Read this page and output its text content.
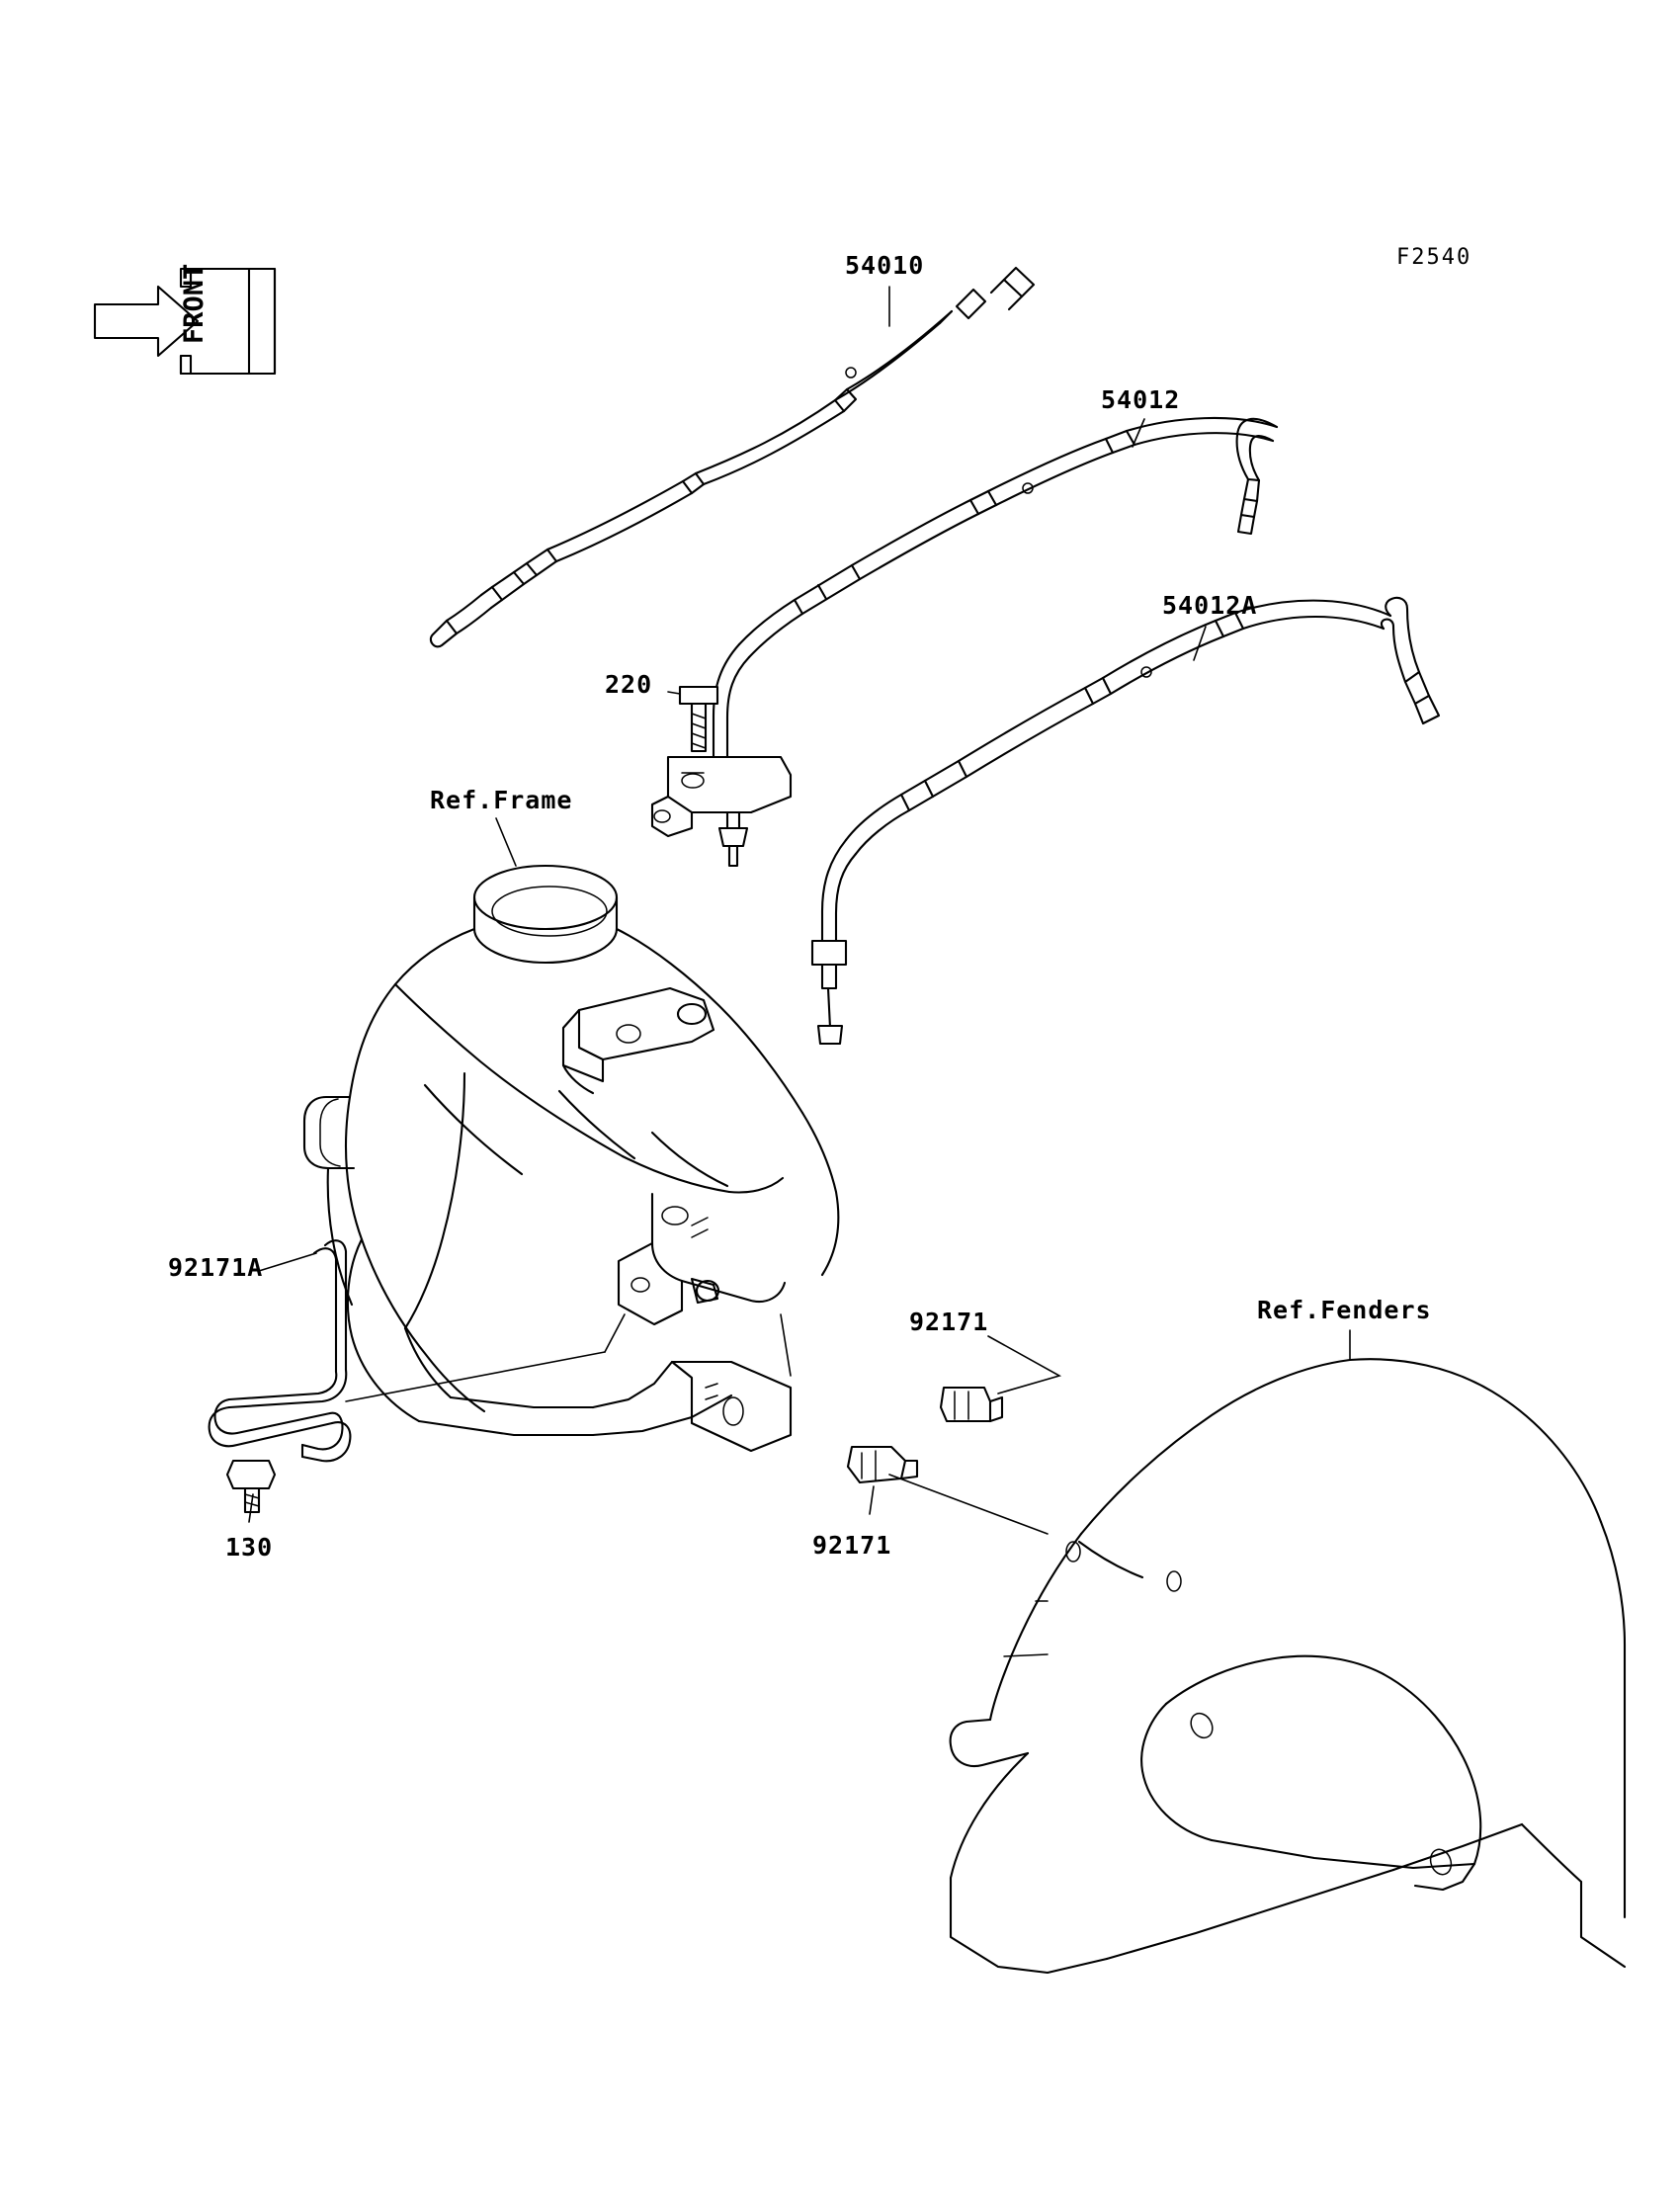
FRONT	54010
54012
54012A
220
Ref.Frame
92171A
130
92171
92171
Ref.Fenders
F2540
